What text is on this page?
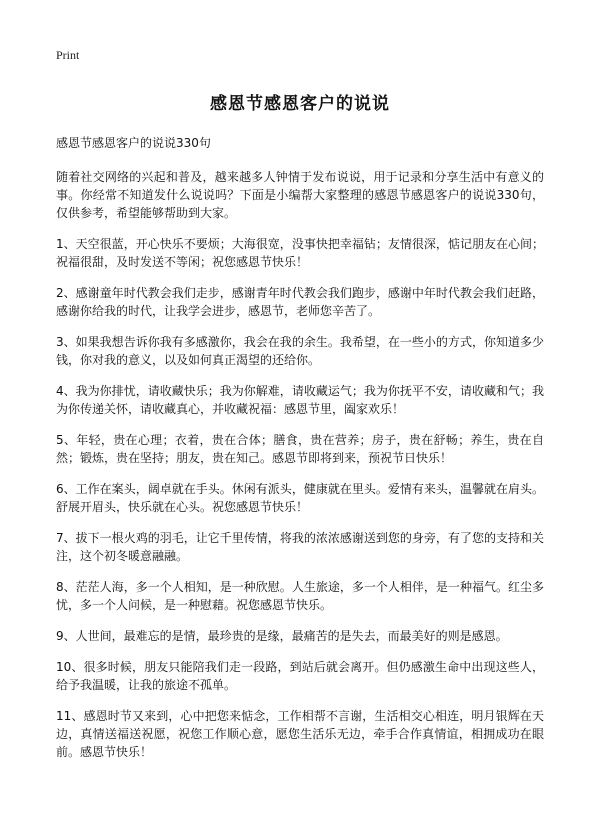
Print
感恩节感恩客户的说说
感恩节感恩客户的说说330句

随着社交网络的兴起和普及，越来越多人钟情于发布说说，用于记录和分享生活中有意义的事。你经常不知道发什么说说吗？下面是小编帮大家整理的感恩节感恩客户的说说330句，仅供参考，希望能够帮助到大家。

1、天空很蓝，开心快乐不要烦；大海很宽，没事快把幸福钻；友情很深，惦记朋友在心间；祝福很甜，及时发送不等闲；祝您感恩节快乐！

2、感谢童年时代教会我们走步，感谢青年时代教会我们跑步，感谢中年时代教会我们赶路，感谢你给我的时代，让我学会进步，感恩节，老师您辛苦了。

3、如果我想告诉你我有多感激你，我会在我的余生。我希望，在一些小的方式，你知道多少钱，你对我的意义，以及如何真正渴望的还给你。

4、我为你排忧，请收藏快乐；我为你解难，请收藏运气；我为你抚平不安，请收藏和气；我为你传递关怀，请收藏真心，并收藏祝福：感恩节里，阖家欢乐！

5、年轻，贵在心理；衣着，贵在合体；膳食，贵在营养；房子，贵在舒畅；养生，贵在自然；锻炼，贵在坚持；朋友，贵在知己。感恩节即将到来，预祝节日快乐！

6、工作在案头，阔卓就在手头。休闲有派头，健康就在里头。爱情有来头，温馨就在肩头。舒展开眉头，快乐就在心头。祝您感恩节快乐！

7、拔下一根火鸡的羽毛，让它千里传情，将我的浓浓感谢送到您的身旁，有了您的支持和关注，这个初冬暖意融融。

8、茫茫人海，多一个人相知，是一种欣慰。人生旅途，多一个人相伴，是一种福气。红尘多忧，多一个人问候，是一种慰藉。祝您感恩节快乐。

9、人世间，最难忘的是情，最珍贵的是缘，最痛苦的是失去，而最美好的则是感恩。

10、很多时候，朋友只能陪我们走一段路，到站后就会离开。但仍感激生命中出现这些人，给予我温暖，让我的旅途不孤单。

11、感恩时节又来到，心中把您来惦念，工作相帮不言谢，生活相交心相连，明月银辉在天边，真情送福送祝愿，祝您工作顺心意，愿您生活乐无边，牵手合作真情谊，相拥成功在眼前。感恩节快乐！
